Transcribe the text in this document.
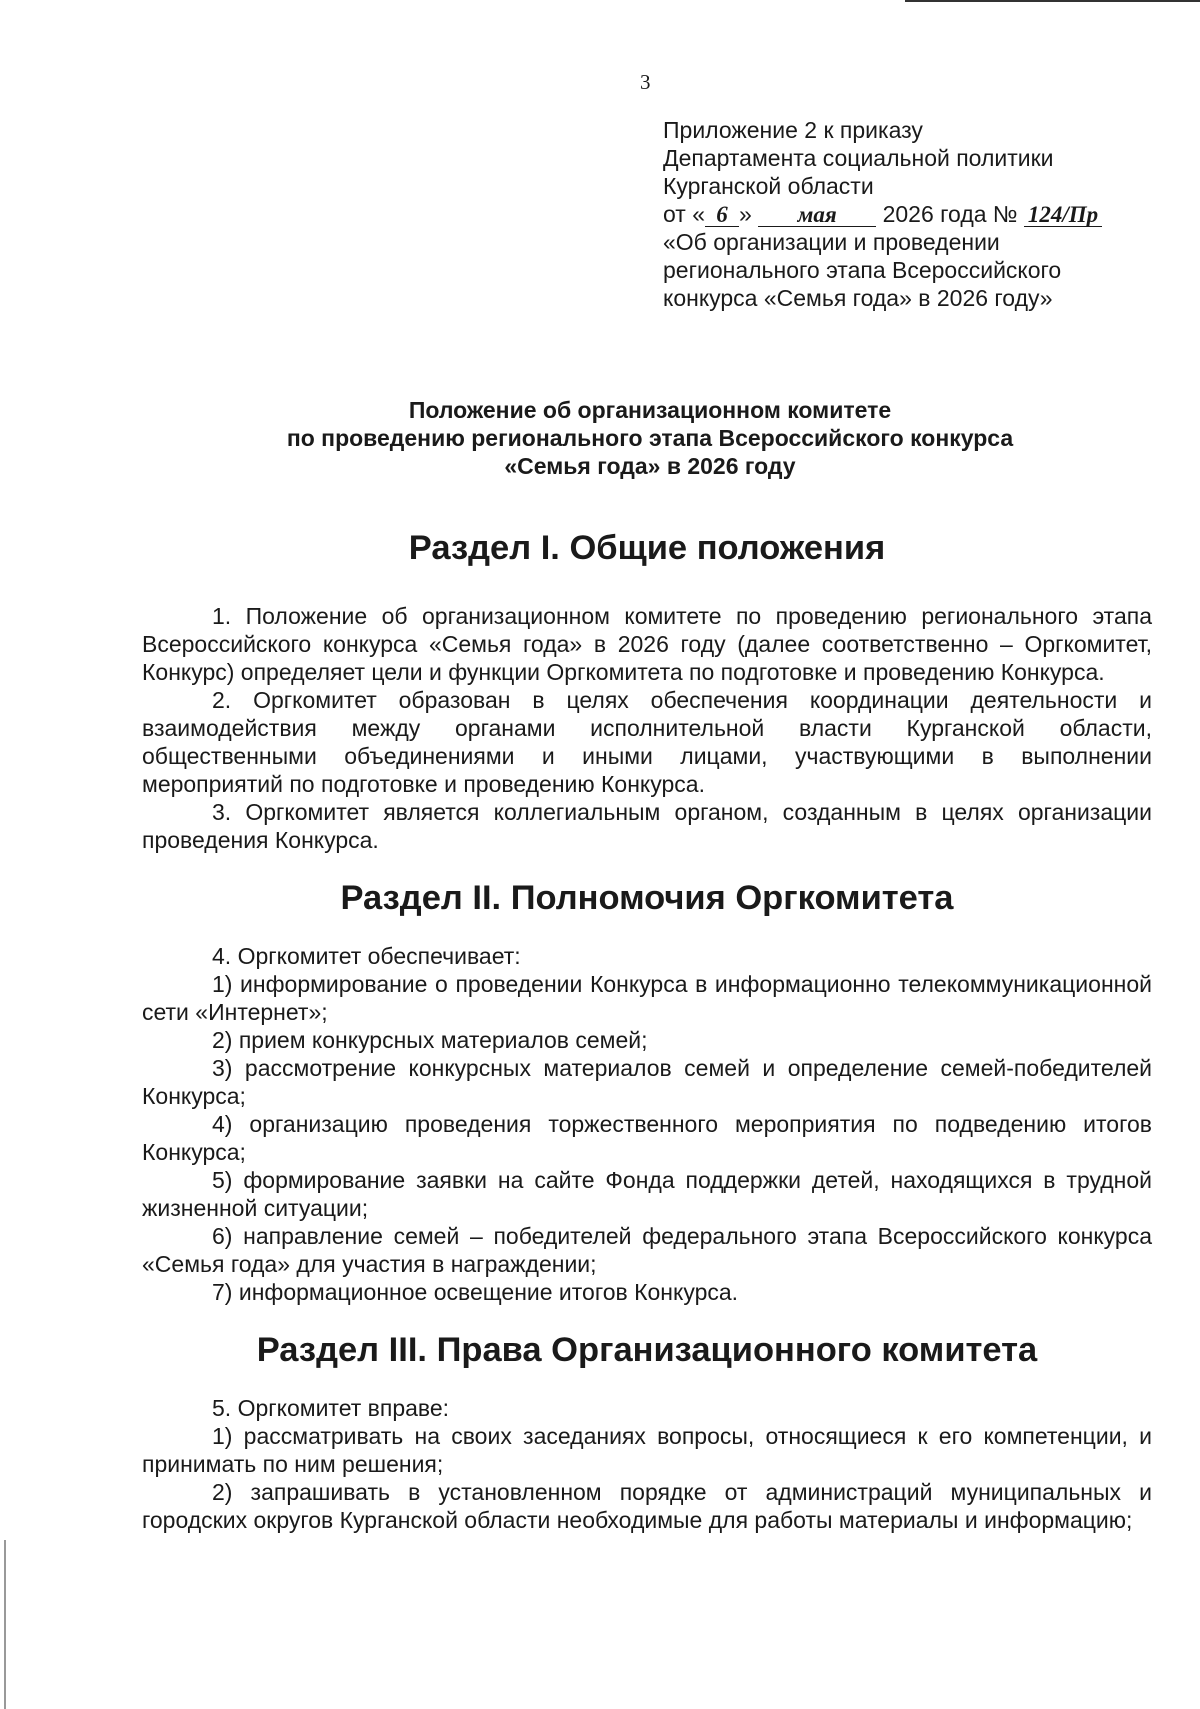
3
Приложение 2 к приказу
Департамента социальной политики
Курганской области
от « 6 » мая 2026 года № 124/Пр
«Об организации и проведении
регионального этапа Всероссийского
конкурса «Семья года» в 2026 году»
Положение об организационном комитете
по проведению регионального этапа Всероссийского конкурса
«Семья года» в 2026 году
Раздел I. Общие положения

1. Положение об организационном комитете по проведению регионального этапа Всероссийского конкурса «Семья года» в 2026 году (далее соответственно – Оргкомитет, Конкурс) определяет цели и функции Оргкомитета по подготовке и проведению Конкурса.

2. Оргкомитет образован в целях обеспечения координации деятельности и взаимодействия между органами исполнительной власти Курганской области, общественными объединениями и иными лицами, участвующими в выполнении мероприятий по подготовке и проведению Конкурса.

3. Оргкомитет является коллегиальным органом, созданным в целях организации проведения Конкурса.

Раздел II. Полномочия Оргкомитета

4. Оргкомитет обеспечивает:

1) информирование о проведении Конкурса в информационно телекоммуникационной сети «Интернет»;

2) прием конкурсных материалов семей;

3) рассмотрение конкурсных материалов семей и определение семей-победителей Конкурса;

4) организацию проведения торжественного мероприятия по подведению итогов Конкурса;

5) формирование заявки на сайте Фонда поддержки детей, находящихся в трудной жизненной ситуации;

6) направление семей – победителей федерального этапа Всероссийского конкурса «Семья года» для участия в награждении;

7) информационное освещение итогов Конкурса.

Раздел III. Права Организационного комитета

5. Оргкомитет вправе:

1) рассматривать на своих заседаниях вопросы, относящиеся к его компетенции, и принимать по ним решения;

2) запрашивать в установленном порядке от администраций муниципальных и городских округов Курганской области необходимые для работы материалы и информацию;
